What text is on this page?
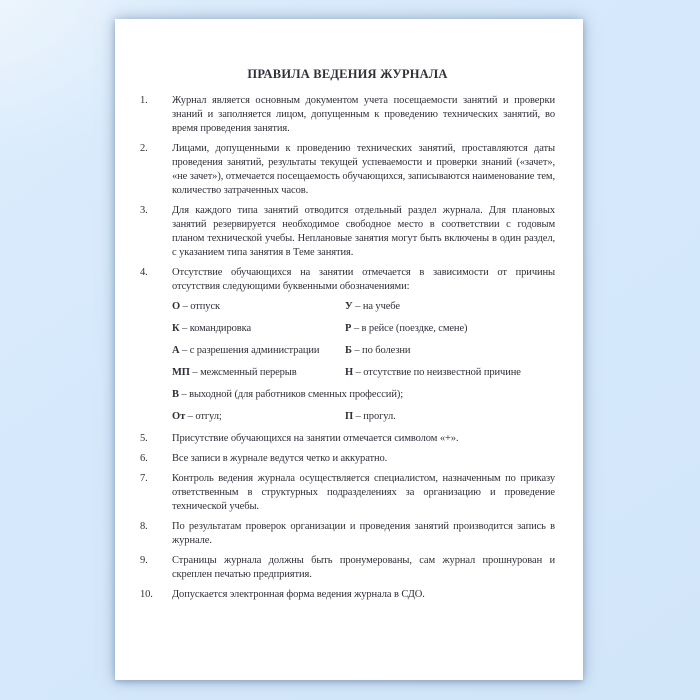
ПРАВИЛА ВЕДЕНИЯ ЖУРНАЛА
1.	Журнал является основным документом учета посещаемости занятий и проверки знаний и заполняется лицом, допущенным к проведению технических занятий, во время проведения занятия.
2.	Лицами, допущенными к проведению технических занятий, проставляются даты проведения занятий, результаты текущей успеваемости и проверки знаний («зачет», «не зачет»), отмечается посещаемость обучающихся, записываются наименование тем, количество затраченных часов.
3.	Для каждого типа занятий отводится отдельный раздел журнала. Для плановых занятий резервируется необходимое свободное место в соответствии с годовым планом технической учебы. Неплановые занятия могут быть включены в один раздел, с указанием типа занятия в Теме занятия.
4.	Отсутствие обучающихся на занятии отмечается в зависимости от причины отсутствия следующими буквенными обозначениями:
О – отпуск	У – на учебе
К – командировка	Р – в рейсе (поездке, смене)
А – с разрешения администрации	Б – по болезни
МП – межсменный перерыв	Н – отсутствие по неизвестной причине
В – выходной (для работников сменных профессий);
От – отгул;	П – прогул.
5.	Присутствие обучающихся на занятии отмечается символом «+».
6.	Все записи в журнале ведутся четко и аккуратно.
7.	Контроль ведения журнала осуществляется специалистом, назначенным по приказу ответственным в структурных подразделениях за организацию и проведение технической учебы.
8.	По результатам проверок организации и проведения занятий производится запись в журнале.
9.	Страницы журнала должны быть пронумерованы, сам журнал прошнурован и скреплен печатью предприятия.
10.	Допускается электронная форма ведения журнала в СДО.
